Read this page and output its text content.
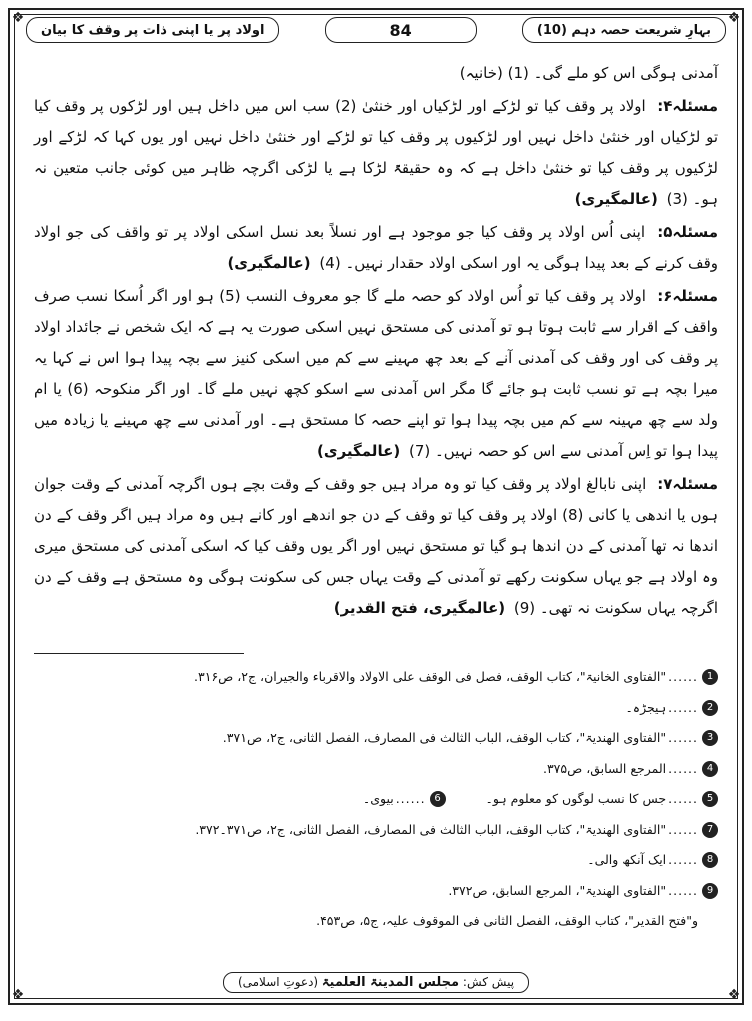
❖	❖
❖	❖
اولاد پر یا اپنی ذات پر وقف کا بیان	84	بہارِ شریعت حصہ دہم (10)

آمدنی ہوگی اس کو ملے گی۔ (1) (خانیہ)

مسئلہ۴: اولاد پر وقف کیا تو لڑکے اور لڑکیاں اور خنثیٰ (2) سب اس میں داخل ہیں اور لڑکوں پر وقف کیا تو لڑکیاں اور خنثیٰ داخل نہیں اور لڑکیوں پر وقف کیا تو لڑکے اور خنثیٰ داخل نہیں اور یوں کہا کہ لڑکے اور لڑکیوں پر وقف کیا تو خنثیٰ داخل ہے کہ وہ حقیقۃً لڑکا ہے یا لڑکی اگرچہ ظاہر میں کوئی جانب متعین نہ ہو۔ (3) (عالمگیری)

مسئلہ۵: اپنی اُس اولاد پر وقف کیا جو موجود ہے اور نسلاً بعد نسل اسکی اولاد پر تو واقف کی جو اولاد وقف کرنے کے بعد پیدا ہوگی یہ اور اسکی اولاد حقدار نہیں۔ (4) (عالمگیری)

مسئلہ۶: اولاد پر وقف کیا تو اُس اولاد کو حصہ ملے گا جو معروف النسب (5) ہو اور اگر اُسکا نسب صرف واقف کے اقرار سے ثابت ہوتا ہو تو آمدنی کی مستحق نہیں اسکی صورت یہ ہے کہ ایک شخص نے جائداد اولاد پر وقف کی اور وقف کی آمدنی آنے کے بعد چھ مہینے سے کم میں اسکی کنیز سے بچہ پیدا ہوا اس نے کہا یہ میرا بچہ ہے تو نسب ثابت ہو جائے گا مگر اس آمدنی سے اسکو کچھ نہیں ملے گا۔ اور اگر منکوحہ (6) یا ام ولد سے چھ مہینہ سے کم میں بچہ پیدا ہوا تو اپنے حصہ کا مستحق ہے۔ اور آمدنی سے چھ مہینے یا زیادہ میں پیدا ہوا تو اِس آمدنی سے اس کو حصہ نہیں۔ (7) (عالمگیری)

مسئلہ۷: اپنی نابالغ اولاد پر وقف کیا تو وہ مراد ہیں جو وقف کے وقت بچے ہوں اگرچہ آمدنی کے وقت جوان ہوں یا اندھی یا کانی (8) اولاد پر وقف کیا تو وقف کے دن جو اندھے اور کانے ہیں وہ مراد ہیں اگر وقف کے دن اندھا نہ تھا آمدنی کے دن اندھا ہو گیا تو مستحق نہیں اور اگر یوں وقف کیا کہ اسکی آمدنی کی مستحق میری وہ اولاد ہے جو یہاں سکونت رکھے تو آمدنی کے وقت یہاں جس کی سکونت ہوگی وہ مستحق ہے وقف کے دن اگرچہ یہاں سکونت نہ تھی۔ (9) (عالمگیری، فتح القدیر)

1
......
"الفتاوی الخانیۃ"، کتاب الوقف، فصل فی الوقف علی الاولاد والاقرباء والجیران، ج۲، ص۳۱۶.
2
......
ہیجڑہ۔
3
......
"الفتاوی الھندیۃ"، کتاب الوقف، الباب الثالث فی المصارف، الفصل الثانی، ج۲، ص۳۷۱.
4
......
المرجع السابق، ص۳۷۵.
5
......
جس کا نسب لوگوں کو معلوم ہو۔
6
......
بیوی۔
7
......
"الفتاوی الھندیۃ"، کتاب الوقف، الباب الثالث فی المصارف، الفصل الثانی، ج۲، ص۳۷۱۔۳۷۲.
8
......
ایک آنکھ والی۔
9
......
"الفتاوی الھندیۃ"، المرجع السابق، ص۳۷۲.
و"فتح القدیر"، کتاب الوقف، الفصل الثانی فی الموقوف علیہ، ج۵، ص۴۵۳.
پیش کش: مجلس المدینۃ العلمیۃ (دعوتِ اسلامی)
